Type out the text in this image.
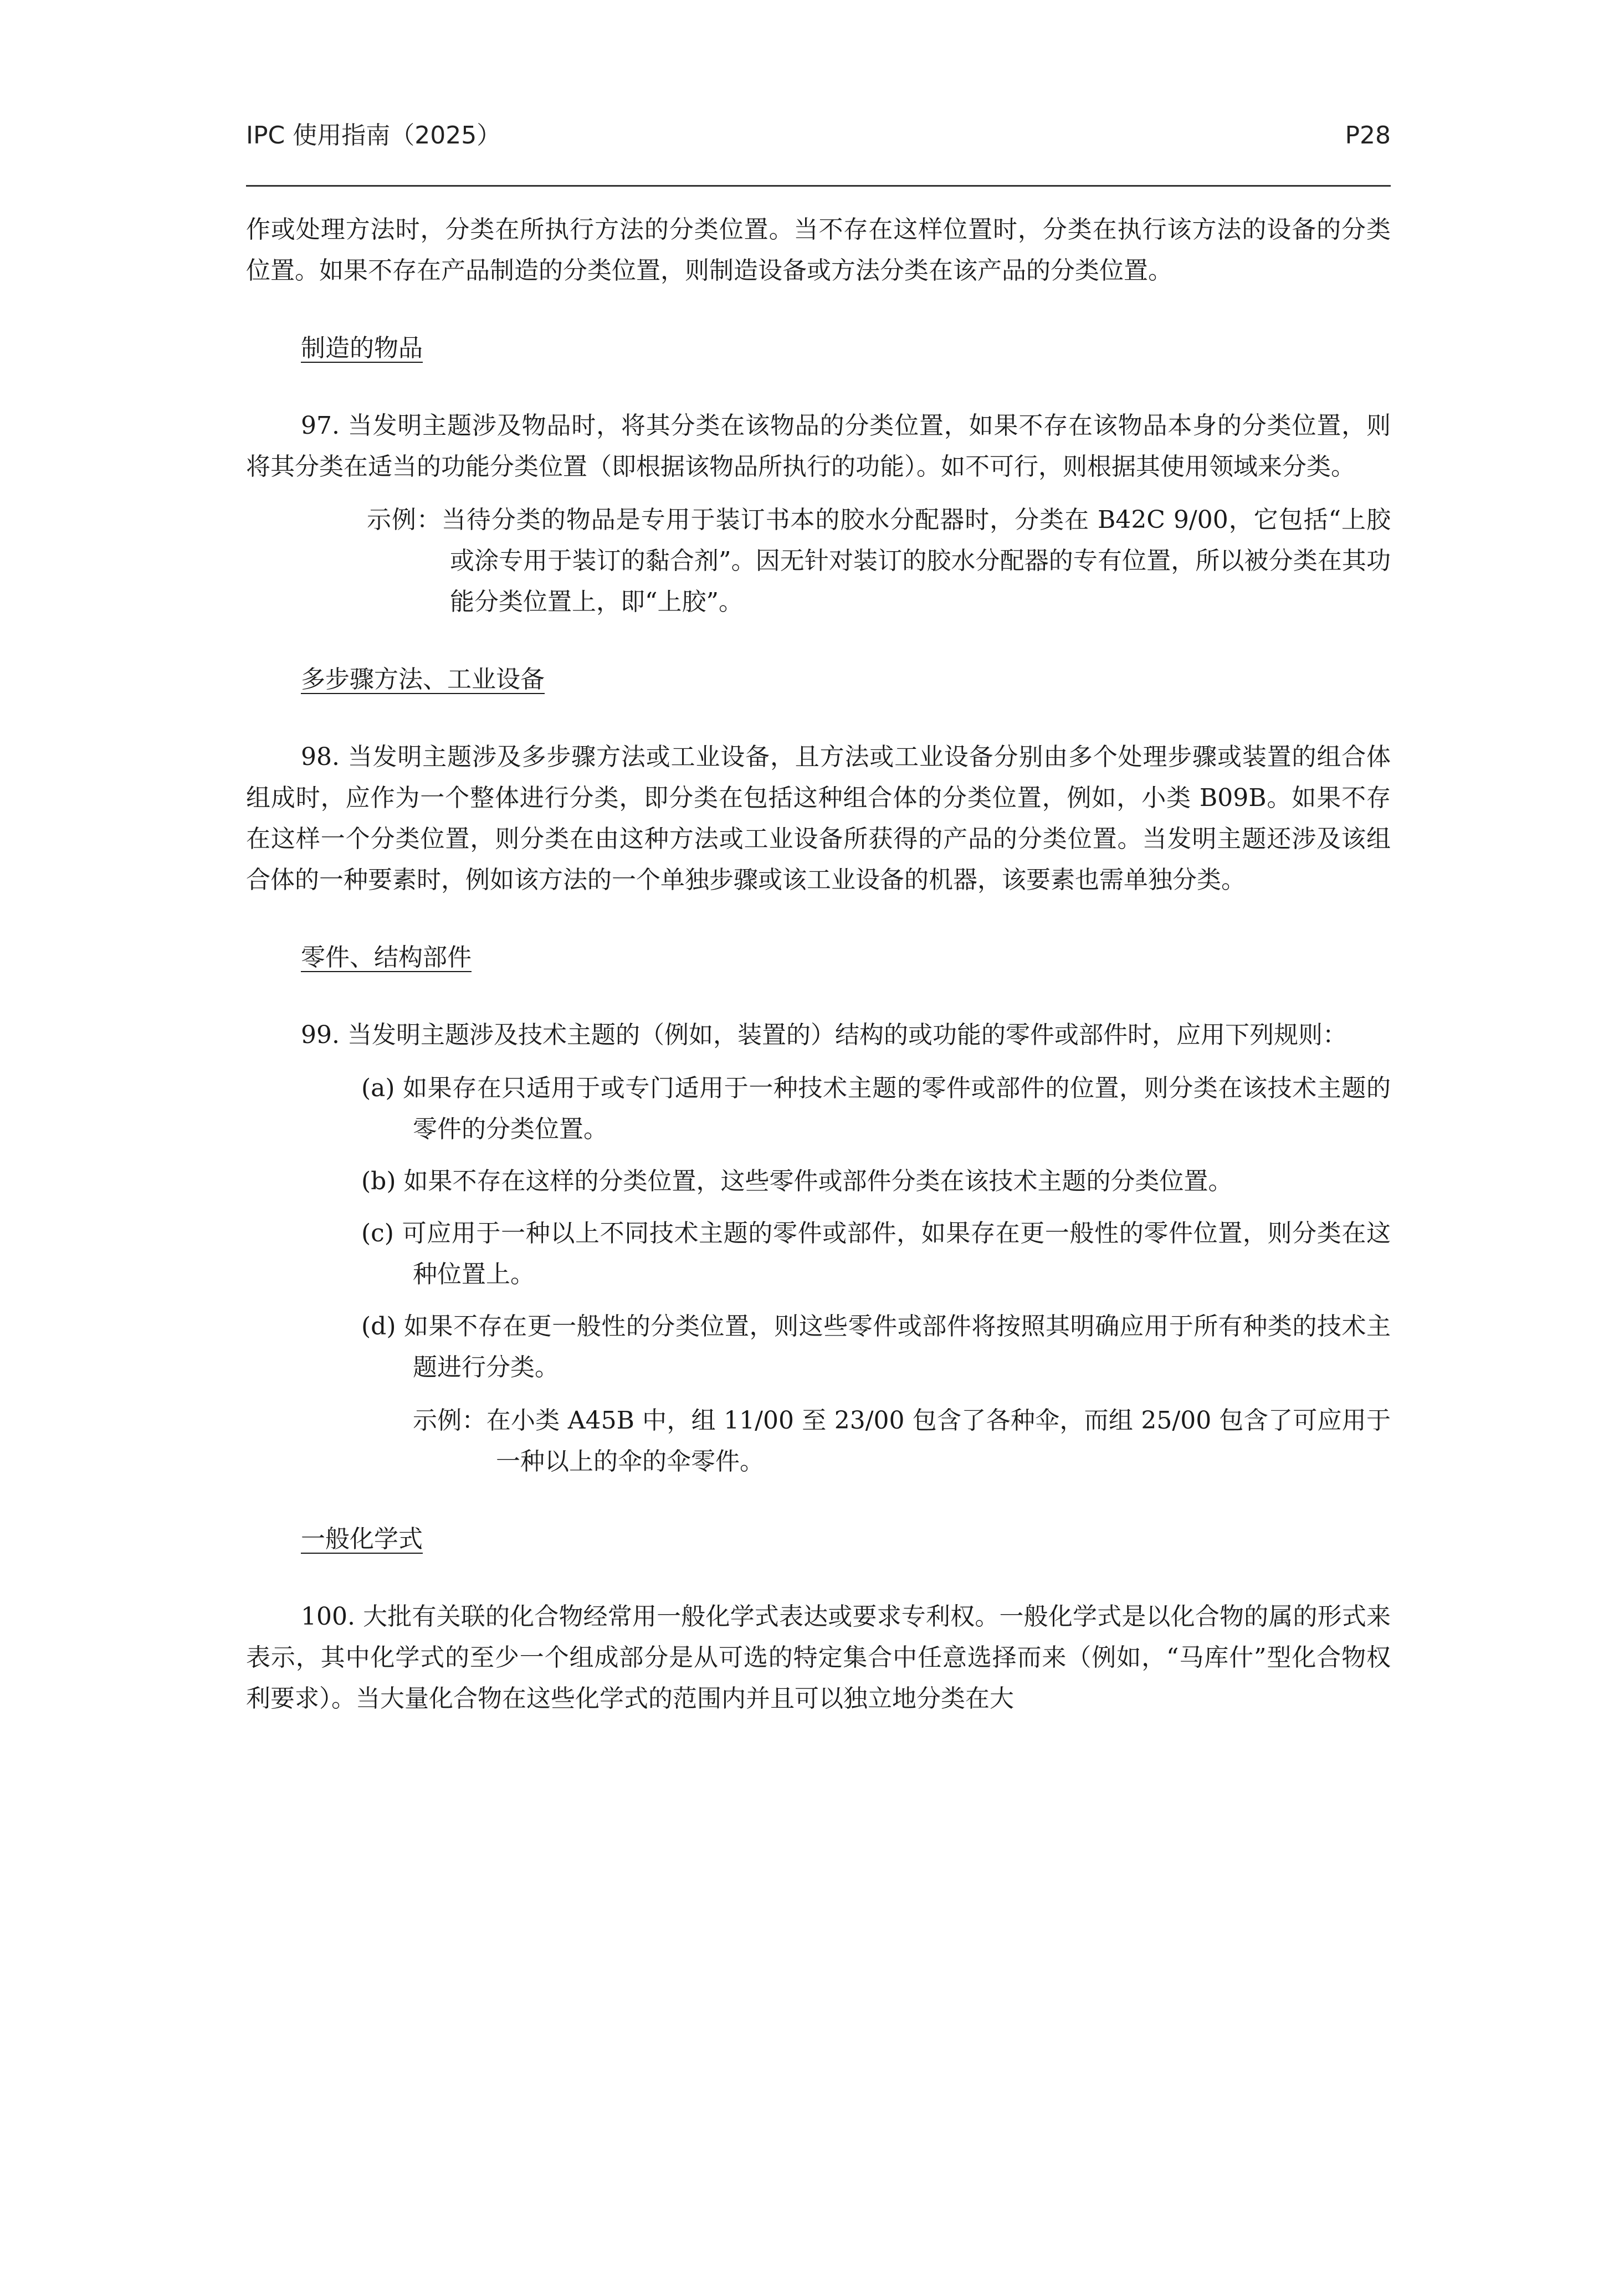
IPC 使用指南（2025）	P28

作或处理方法时，分类在所执行方法的分类位置。当不存在这样位置时，分类在执行该方法的设备的分类位置。如果不存在产品制造的分类位置，则制造设备或方法分类在该产品的分类位置。

制造的物品

97. 当发明主题涉及物品时，将其分类在该物品的分类位置，如果不存在该物品本身的分类位置，则将其分类在适当的功能分类位置（即根据该物品所执行的功能）。如不可行，则根据其使用领域来分类。

示例：当待分类的物品是专用于装订书本的胶水分配器时，分类在 B42C 9/00，它包括“上胶或涂专用于装订的黏合剂”。因无针对装订的胶水分配器的专有位置，所以被分类在其功能分类位置上，即“上胶”。

多步骤方法、工业设备

98. 当发明主题涉及多步骤方法或工业设备，且方法或工业设备分别由多个处理步骤或装置的组合体组成时，应作为一个整体进行分类，即分类在包括这种组合体的分类位置，例如，小类 B09B。如果不存在这样一个分类位置，则分类在由这种方法或工业设备所获得的产品的分类位置。当发明主题还涉及该组合体的一种要素时，例如该方法的一个单独步骤或该工业设备的机器，该要素也需单独分类。

零件、结构部件

99. 当发明主题涉及技术主题的（例如，装置的）结构的或功能的零件或部件时，应用下列规则：

(a) 如果存在只适用于或专门适用于一种技术主题的零件或部件的位置，则分类在该技术主题的零件的分类位置。

(b) 如果不存在这样的分类位置，这些零件或部件分类在该技术主题的分类位置。

(c) 可应用于一种以上不同技术主题的零件或部件，如果存在更一般性的零件位置，则分类在这种位置上。

(d) 如果不存在更一般性的分类位置，则这些零件或部件将按照其明确应用于所有种类的技术主题进行分类。

示例：在小类 A45B 中，组 11/00 至 23/00 包含了各种伞，而组 25/00 包含了可应用于一种以上的伞的伞零件。

一般化学式

100. 大批有关联的化合物经常用一般化学式表达或要求专利权。一般化学式是以化合物的属的形式来表示，其中化学式的至少一个组成部分是从可选的特定集合中任意选择而来（例如，“马库什”型化合物权利要求）。当大量化合物在这些化学式的范围内并且可以独立地分类在大
